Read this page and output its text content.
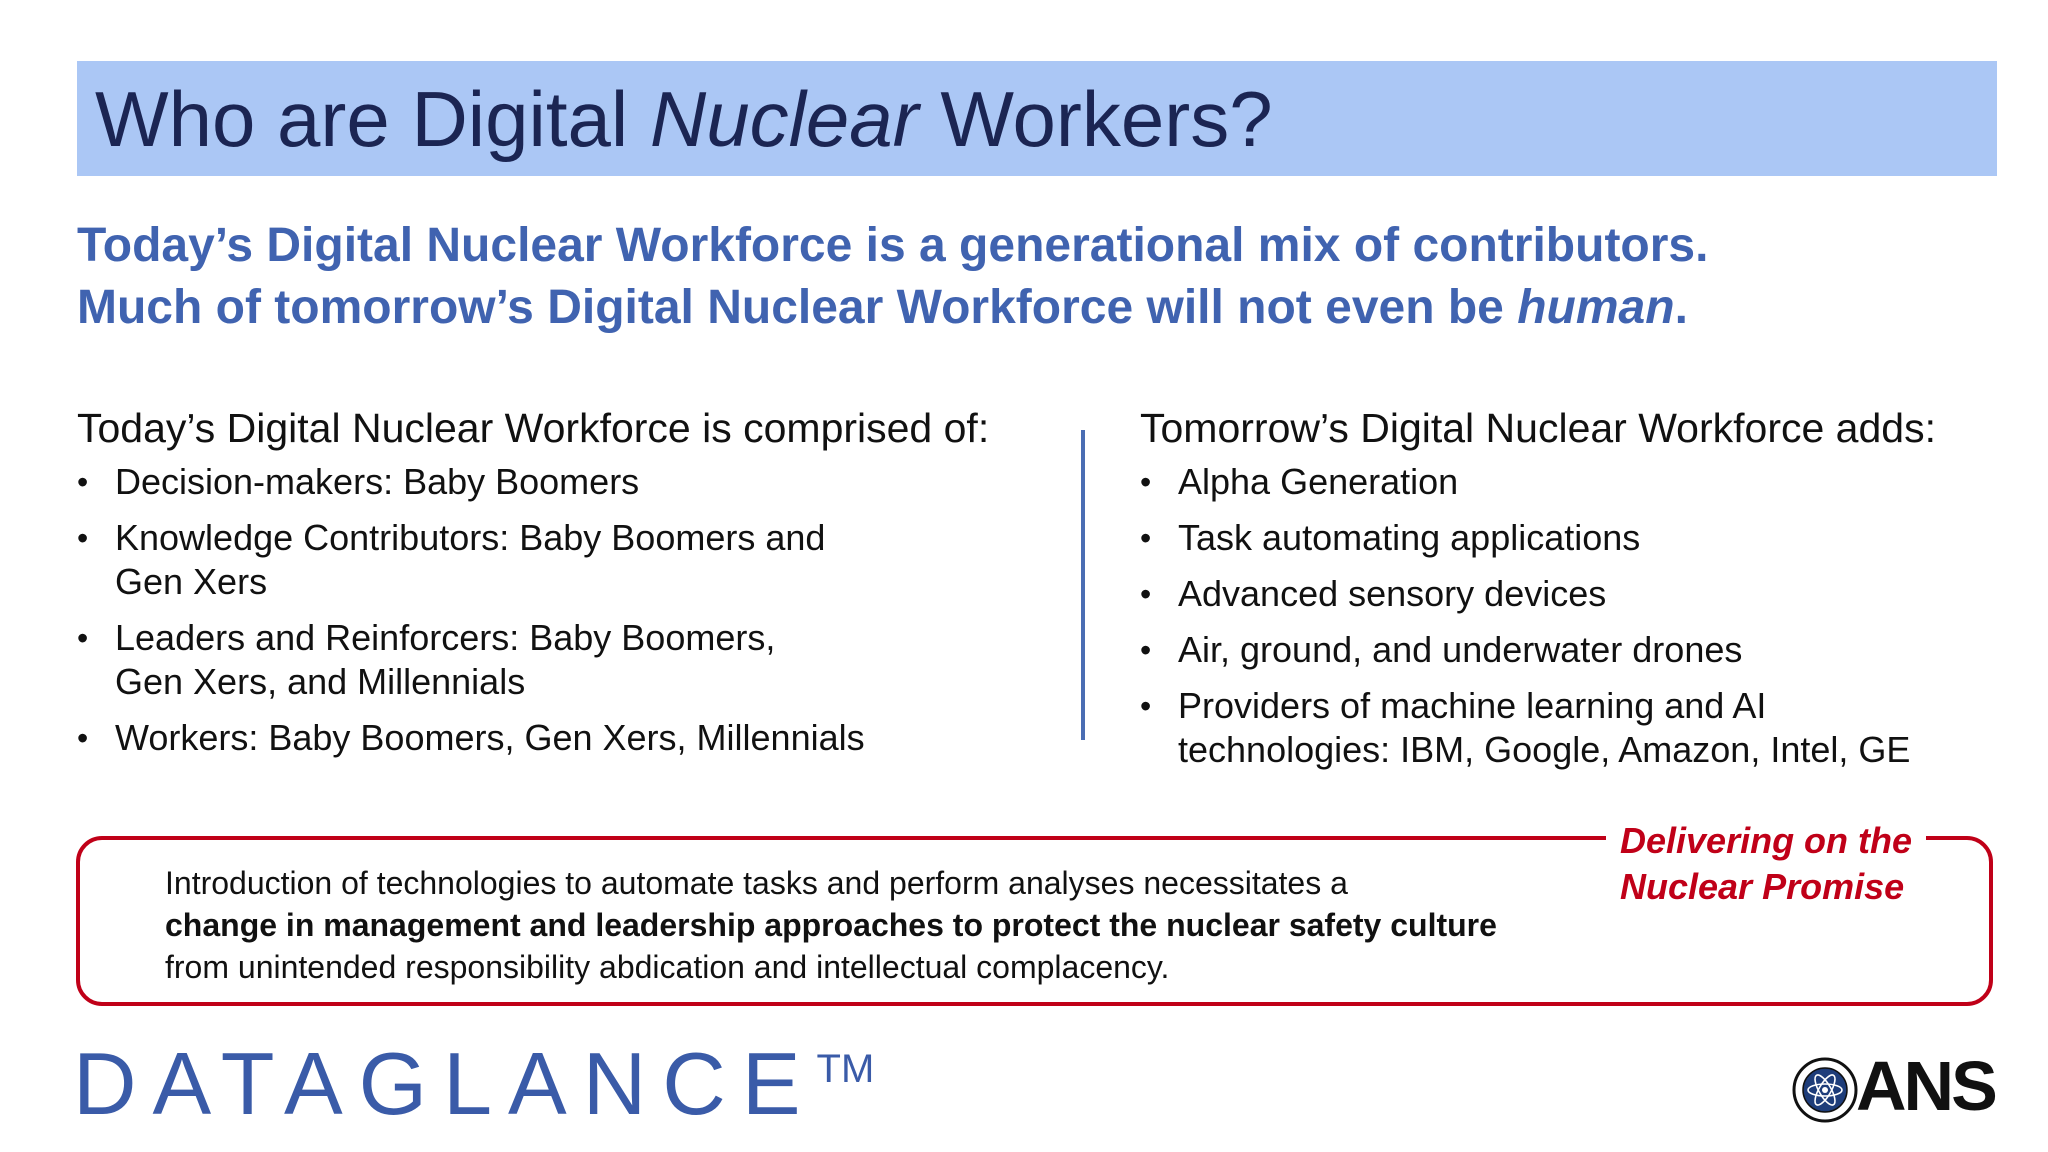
Who are Digital Nuclear Workers?

Today’s Digital Nuclear Workforce is a generational mix of contributors.

Much of tomorrow’s Digital Nuclear Workforce will not even be human.

Today’s Digital Nuclear Workforce is comprised of:

• Decision-makers: Baby Boomers
• Knowledge Contributors: Baby Boomers and
Gen Xers
• Leaders and Reinforcers: Baby Boomers,
Gen Xers, and Millennials
• Workers: Baby Boomers, Gen Xers, Millennials

Tomorrow’s Digital Nuclear Workforce adds:

• Alpha Generation
• Task automating applications
• Advanced sensory devices
• Air, ground, and underwater drones
• Providers of machine learning and AI
technologies: IBM, Google, Amazon, Intel, GE
Delivering on the
Nuclear Promise
Introduction of technologies to automate tasks and perform analyses necessitates a
change in management and leadership approaches to protect the nuclear safety culture from unintended responsibility abdication and intellectual complacency.
DATAGLANCE™	ANS
